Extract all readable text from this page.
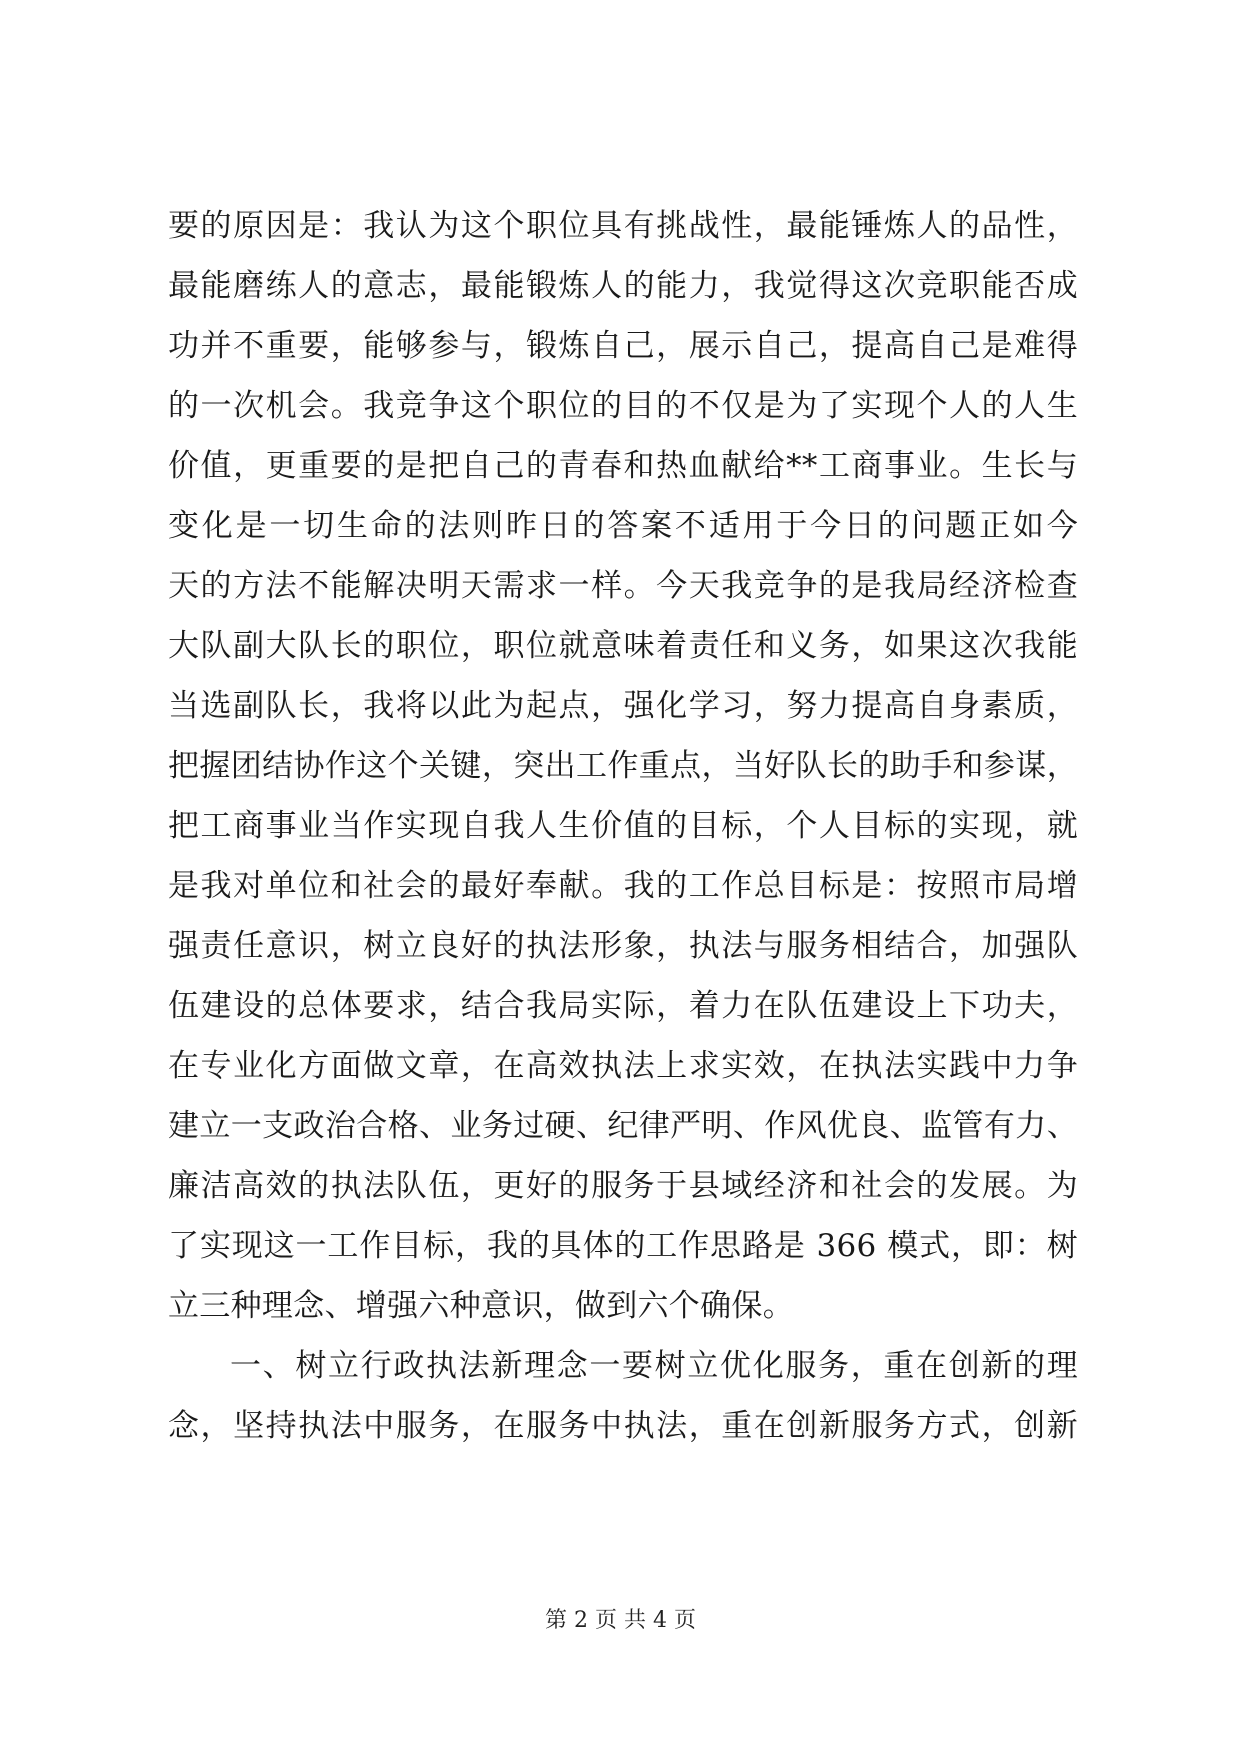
要的原因是：我认为这个职位具有挑战性，最能锤炼人的品性，
最能磨练人的意志，最能锻炼人的能力，我觉得这次竞职能否成
功并不重要，能够参与，锻炼自己，展示自己，提高自己是难得
的一次机会。我竞争这个职位的目的不仅是为了实现个人的人生
价值，更重要的是把自己的青春和热血献给**工商事业。生长与
变化是一切生命的法则昨日的答案不适用于今日的问题正如今
天的方法不能解决明天需求一样。今天我竞争的是我局经济检查
大队副大队长的职位，职位就意味着责任和义务，如果这次我能
当选副队长，我将以此为起点，强化学习，努力提高自身素质，
把握团结协作这个关键，突出工作重点，当好队长的助手和参谋，
把工商事业当作实现自我人生价值的目标，个人目标的实现，就
是我对单位和社会的最好奉献。我的工作总目标是：按照市局增
强责任意识，树立良好的执法形象，执法与服务相结合，加强队
伍建设的总体要求，结合我局实际，着力在队伍建设上下功夫，
在专业化方面做文章，在高效执法上求实效，在执法实践中力争
建立一支政治合格、业务过硬、纪律严明、作风优良、监管有力、
廉洁高效的执法队伍，更好的服务于县域经济和社会的发展。为
了实现这一工作目标，我的具体的工作思路是 366 模式，即：树
立三种理念、增强六种意识，做到六个确保。
一、树立行政执法新理念一要树立优化服务，重在创新的理
念，坚持执法中服务，在服务中执法，重在创新服务方式，创新
第 2 页 共 4 页
